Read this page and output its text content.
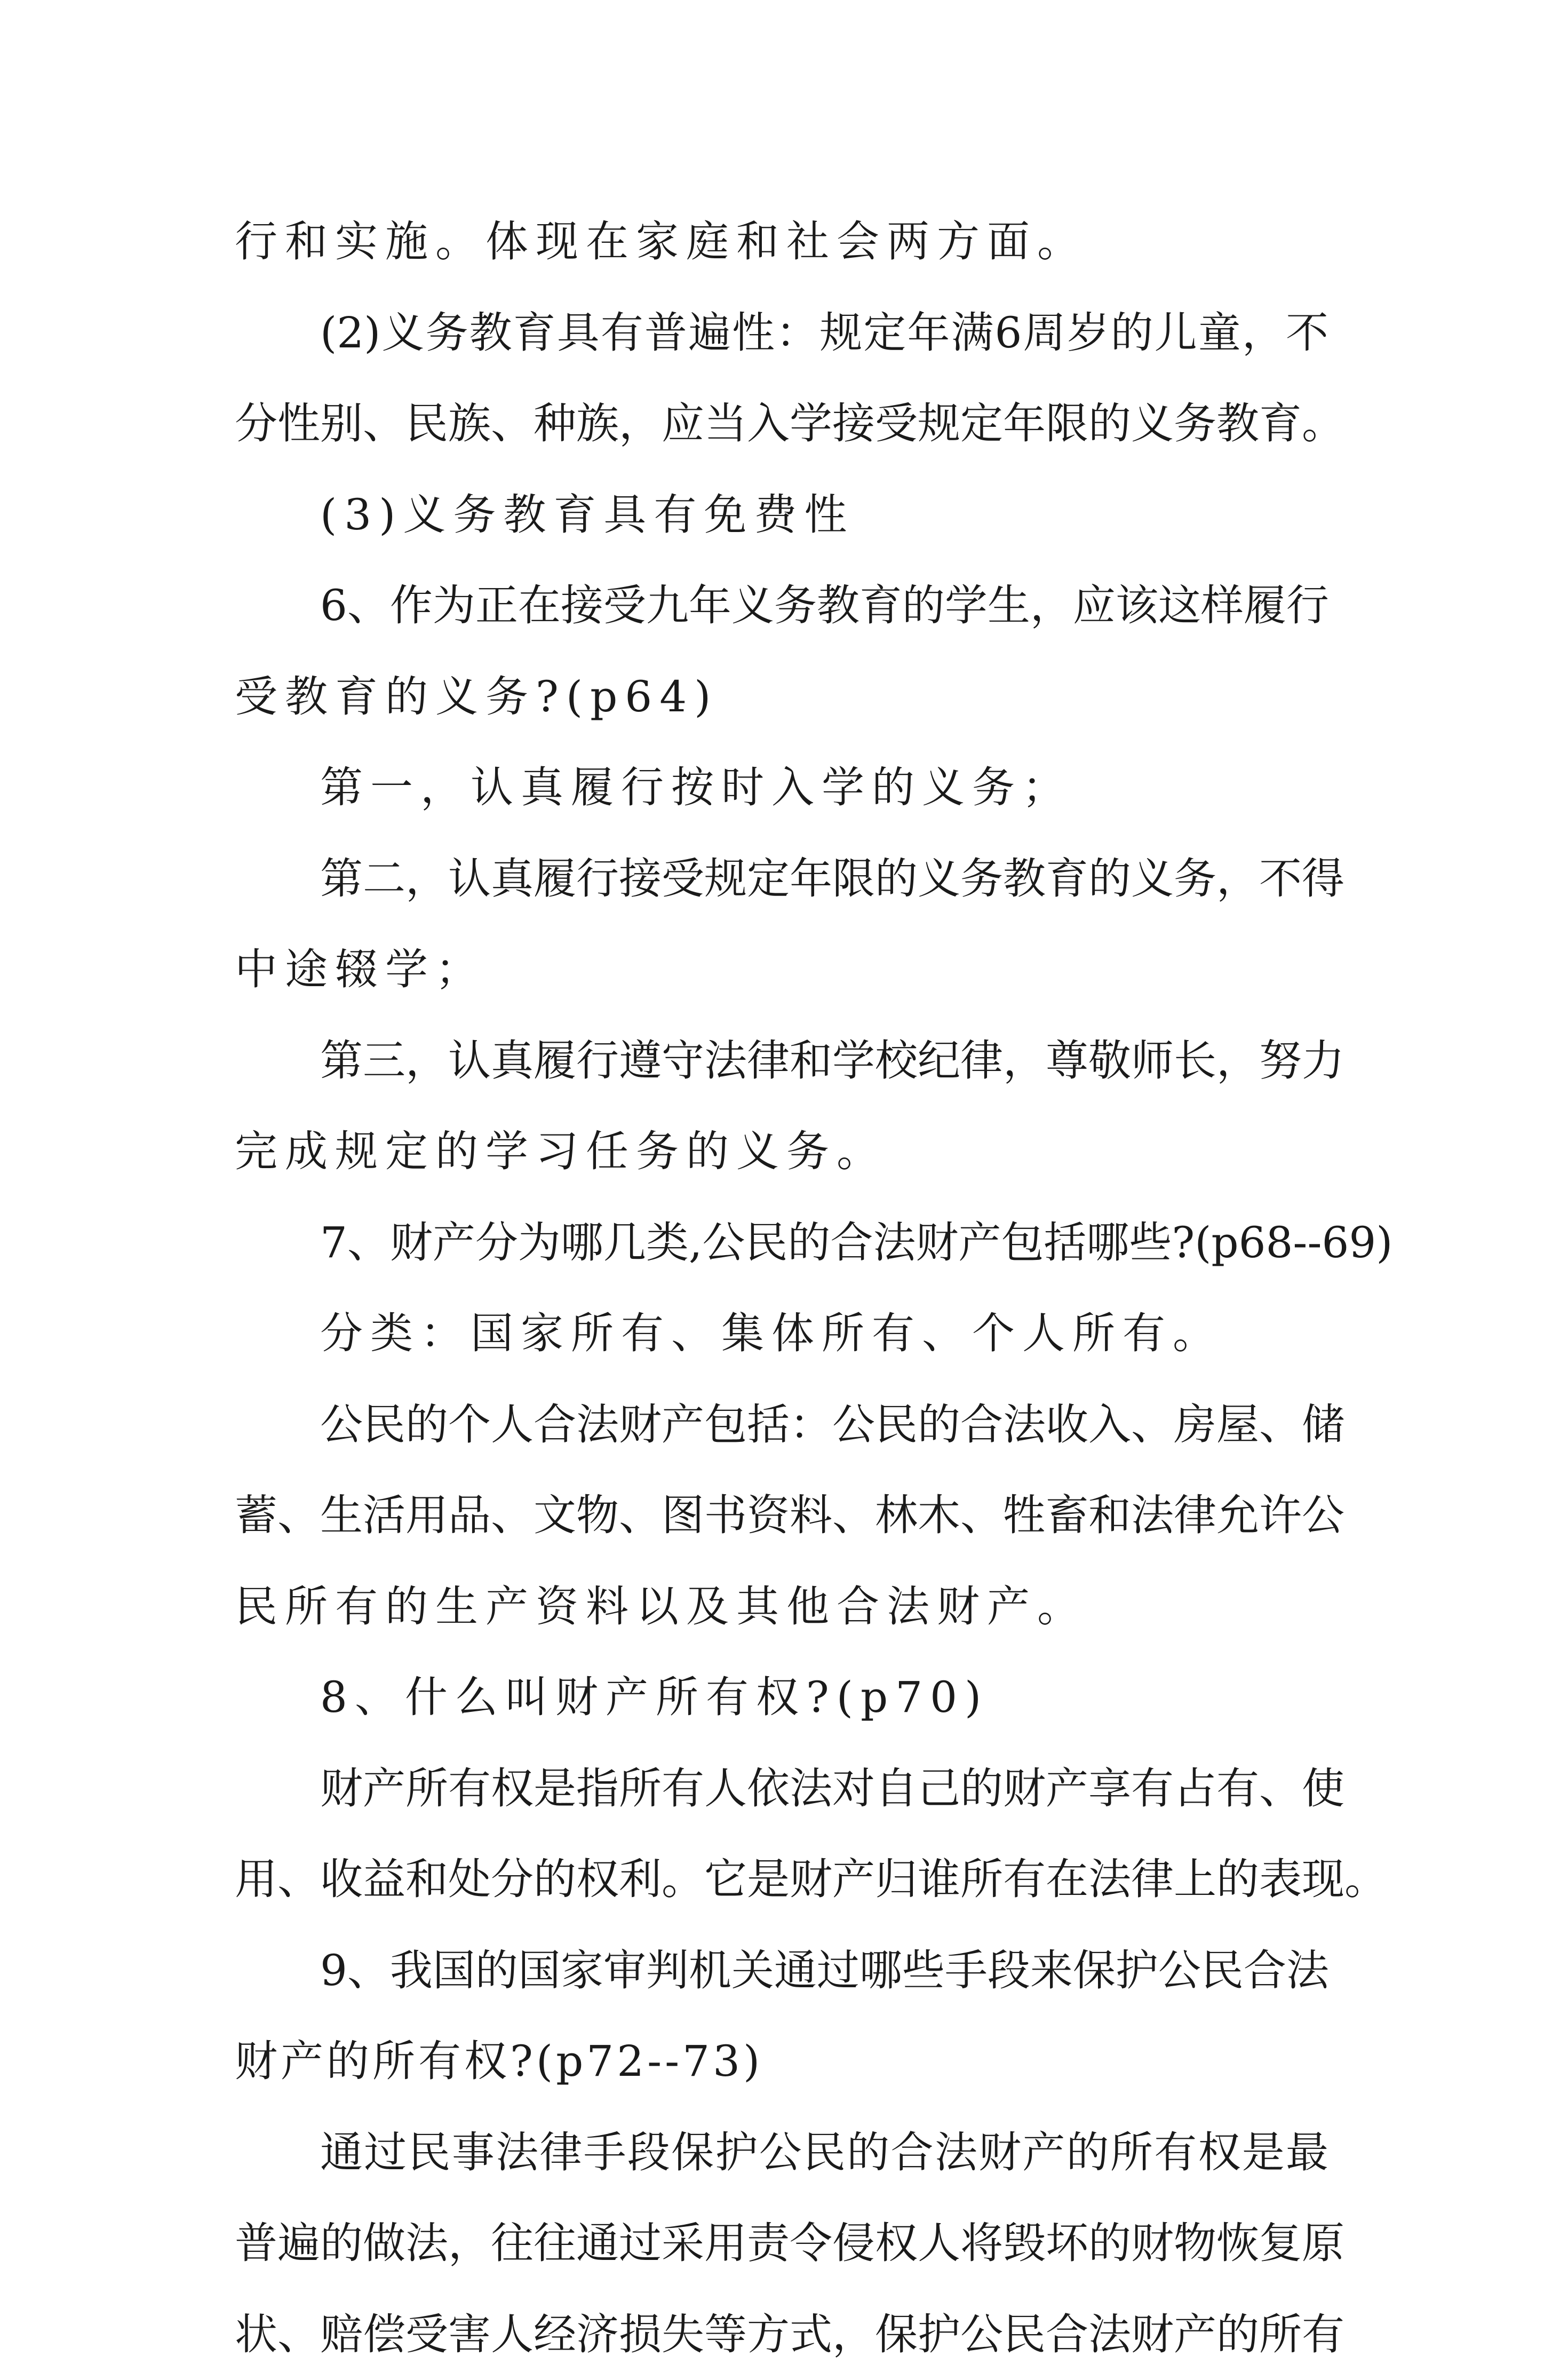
行和实施。体现在家庭和社会两方面。
(2)义务教育具有普遍性：规定年满6周岁的儿童，不
分性别、民族、种族，应当入学接受规定年限的义务教育。
(3)义务教育具有免费性
6、作为正在接受九年义务教育的学生，应该这样履行
受教育的义务?(p64)
第一，认真履行按时入学的义务；
第二，认真履行接受规定年限的义务教育的义务，不得
中途辍学；
第三，认真履行遵守法律和学校纪律，尊敬师长，努力
完成规定的学习任务的义务。
7、财产分为哪几类,公民的合法财产包括哪些?(p68--69)
分类：国家所有、集体所有、个人所有。
公民的个人合法财产包括：公民的合法收入、房屋、储
蓄、生活用品、文物、图书资料、林木、牲畜和法律允许公
民所有的生产资料以及其他合法财产。
8、什么叫财产所有权?(p70)
财产所有权是指所有人依法对自己的财产享有占有、使
用、收益和处分的权利。它是财产归谁所有在法律上的表现。
9、我国的国家审判机关通过哪些手段来保护公民合法
财产的所有权?(p72--73)
通过民事法律手段保护公民的合法财产的所有权是最
普遍的做法，往往通过采用责令侵权人将毁坏的财物恢复原
状、赔偿受害人经济损失等方式，保护公民合法财产的所有
